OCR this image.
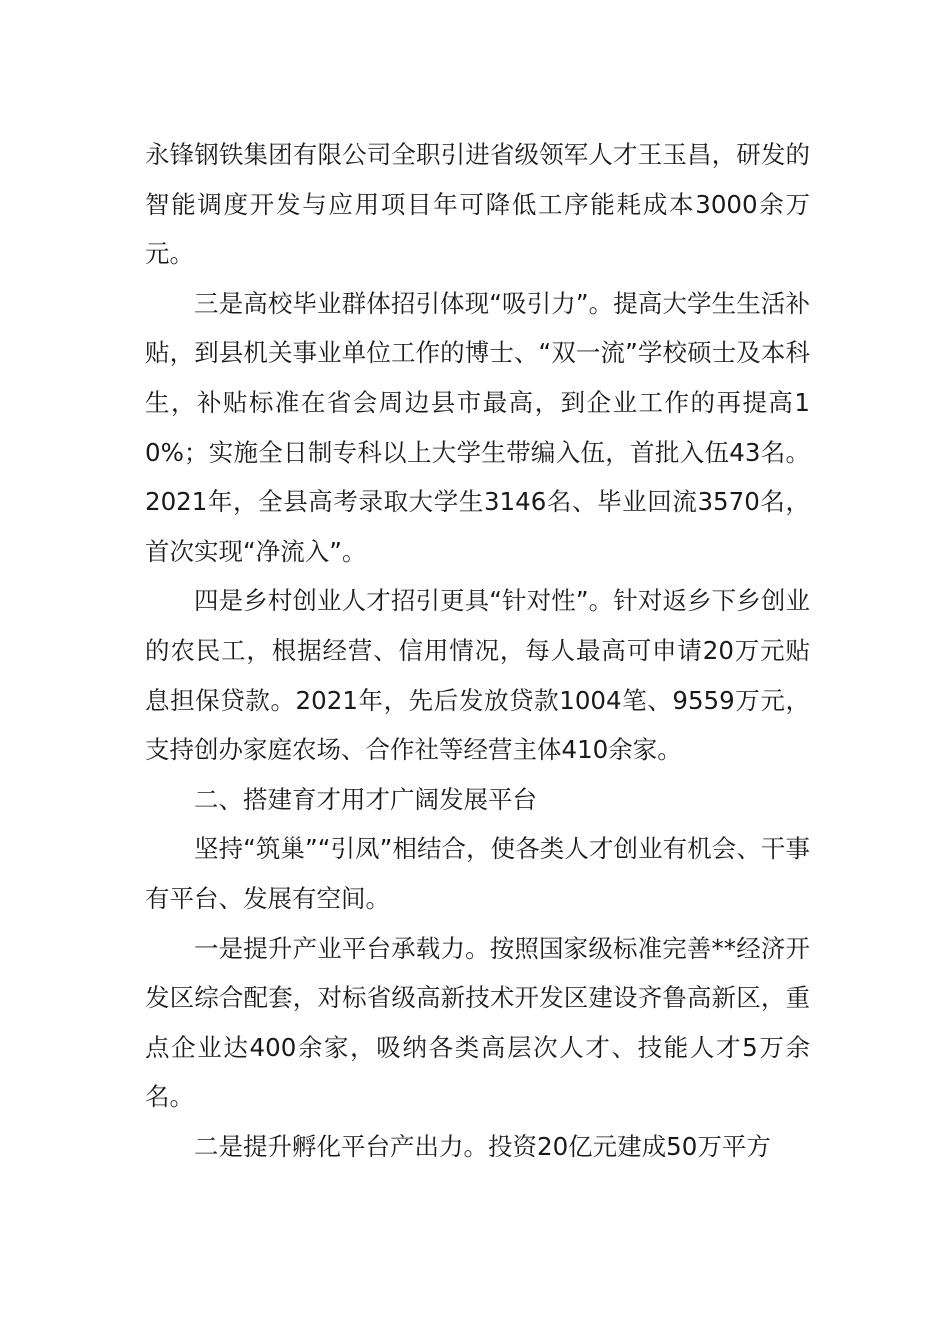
永锋钢铁集团有限公司全职引进省级领军人才王玉昌，研发的智能调度开发与应用项目年可降低工序能耗成本3000余万元。

三是高校毕业群体招引体现“吸引力”。提高大学生生活补贴，到县机关事业单位工作的博士、“双一流”学校硕士及本科生，补贴标准在省会周边县市最高，到企业工作的再提高10%；实施全日制专科以上大学生带编入伍，首批入伍43名。2021年，全县高考录取大学生3146名、毕业回流3570名，首次实现“净流入”。

四是乡村创业人才招引更具“针对性”。针对返乡下乡创业的农民工，根据经营、信用情况，每人最高可申请20万元贴息担保贷款。2021年，先后发放贷款1004笔、9559万元，支持创办家庭农场、合作社等经营主体410余家。

二、搭建育才用才广阔发展平台

坚持“筑巢”“引凤”相结合，使各类人才创业有机会、干事有平台、发展有空间。

一是提升产业平台承载力。按照国家级标准完善**经济开发区综合配套，对标省级高新技术开发区建设齐鲁高新区，重点企业达400余家，吸纳各类高层次人才、技能人才5万余名。

二是提升孵化平台产出力。投资20亿元建成50万平方
